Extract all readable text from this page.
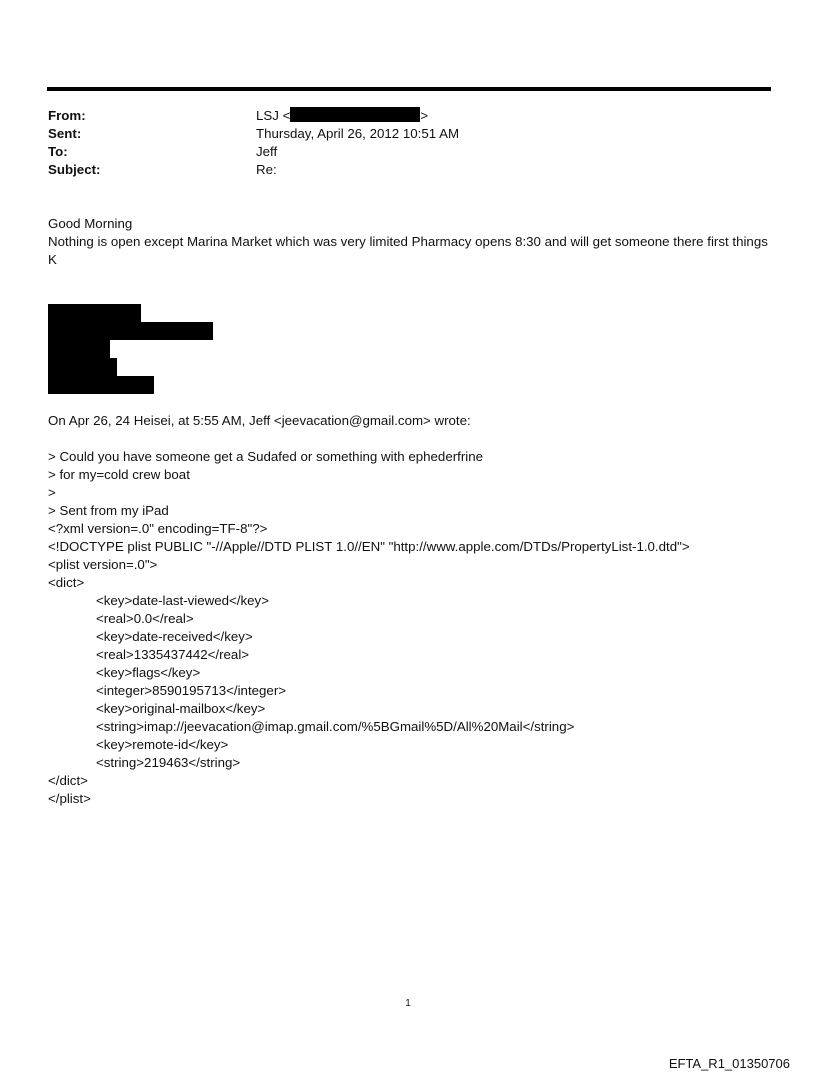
From:	LSJ <	>
Sent:	Thursday, April 26, 2012 10:51 AM
To:	Jeff
Subject:	Re:
Good Morning
Nothing is open except Marina Market which was very limited Pharmacy opens 8:30 and will get someone there first things K
On Apr 26, 24 Heisei, at 5:55 AM, Jeff <jeevacation@gmail.com> wrote:
> Could you have someone get a Sudafed or something with ephederfrine
> for my=cold crew boat
>
> Sent from my iPad
<?xml version=.0" encoding=TF-8"?>
<!DOCTYPE plist PUBLIC "-//Apple//DTD PLIST 1.0//EN" "http://www.apple.com/DTDs/PropertyList-1.0.dtd">
<plist version=.0">
<dict>
<key>date-last-viewed</key>
<real>0.0</real>
<key>date-received</key>
<real>1335437442</real>
<key>flags</key>
<integer>8590195713</integer>
<key>original-mailbox</key>
<string>imap://jeevacation@imap.gmail.com/%5BGmail%5D/All%20Mail</string>
<key>remote-id</key>
<string>219463</string>
</dict>
</plist>
1
EFTA_R1_01350706
